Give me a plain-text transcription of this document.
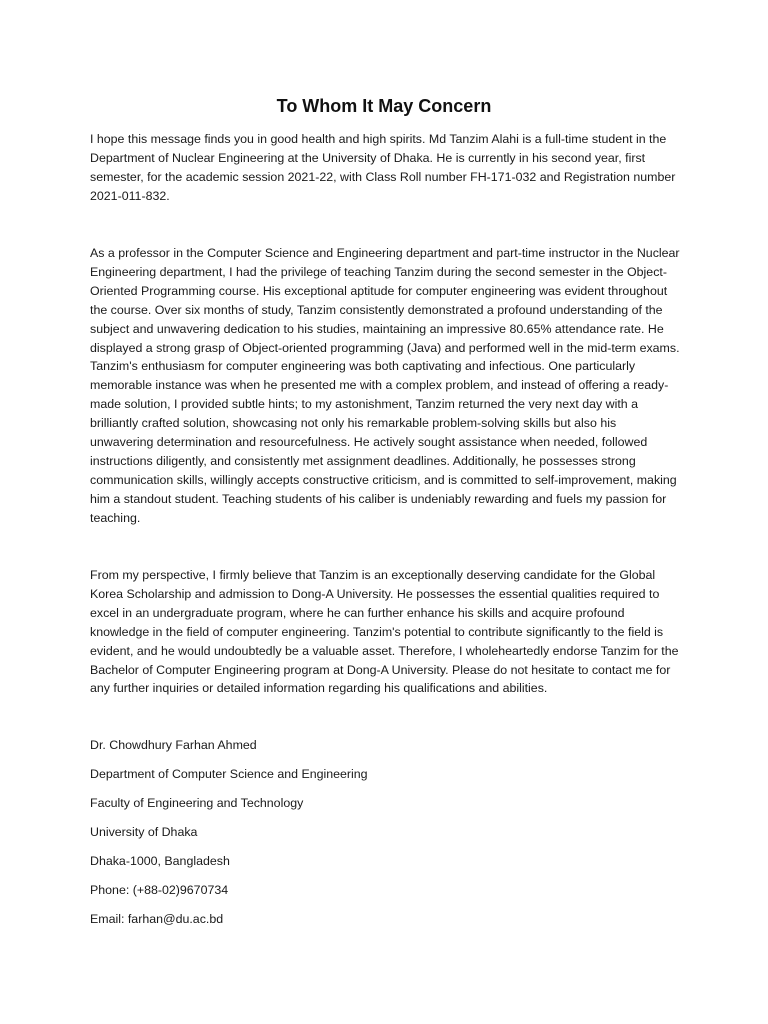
To Whom It May Concern

I hope this message finds you in good health and high spirits. Md Tanzim Alahi is a full-time student in the Department of Nuclear Engineering at the University of Dhaka. He is currently in his second year, first semester, for the academic session 2021-22, with Class Roll number FH-171-032 and Registration number 2021-011-832.

As a professor in the Computer Science and Engineering department and part-time instructor in the Nuclear Engineering department, I had the privilege of teaching Tanzim during the second semester in the Object-Oriented Programming course. His exceptional aptitude for computer engineering was evident throughout the course. Over six months of study, Tanzim consistently demonstrated a profound understanding of the subject and unwavering dedication to his studies, maintaining an impressive 80.65% attendance rate. He displayed a strong grasp of Object-oriented programming (Java) and performed well in the mid-term exams. Tanzim's enthusiasm for computer engineering was both captivating and infectious. One particularly memorable instance was when he presented me with a complex problem, and instead of offering a ready-made solution, I provided subtle hints; to my astonishment, Tanzim returned the very next day with a brilliantly crafted solution, showcasing not only his remarkable problem-solving skills but also his unwavering determination and resourcefulness. He actively sought assistance when needed, followed instructions diligently, and consistently met assignment deadlines. Additionally, he possesses strong communication skills, willingly accepts constructive criticism, and is committed to self-improvement, making him a standout student. Teaching students of his caliber is undeniably rewarding and fuels my passion for teaching.

From my perspective, I firmly believe that Tanzim is an exceptionally deserving candidate for the Global Korea Scholarship and admission to Dong-A University. He possesses the essential qualities required to excel in an undergraduate program, where he can further enhance his skills and acquire profound knowledge in the field of computer engineering. Tanzim's potential to contribute significantly to the field is evident, and he would undoubtedly be a valuable asset. Therefore, I wholeheartedly endorse Tanzim for the Bachelor of Computer Engineering program at Dong-A University. Please do not hesitate to contact me for any further inquiries or detailed information regarding his qualifications and abilities.

Dr. Chowdhury Farhan Ahmed

Department of Computer Science and Engineering

Faculty of Engineering and Technology

University of Dhaka

Dhaka-1000, Bangladesh

Phone: (+88-02)9670734

Email: farhan@du.ac.bd
